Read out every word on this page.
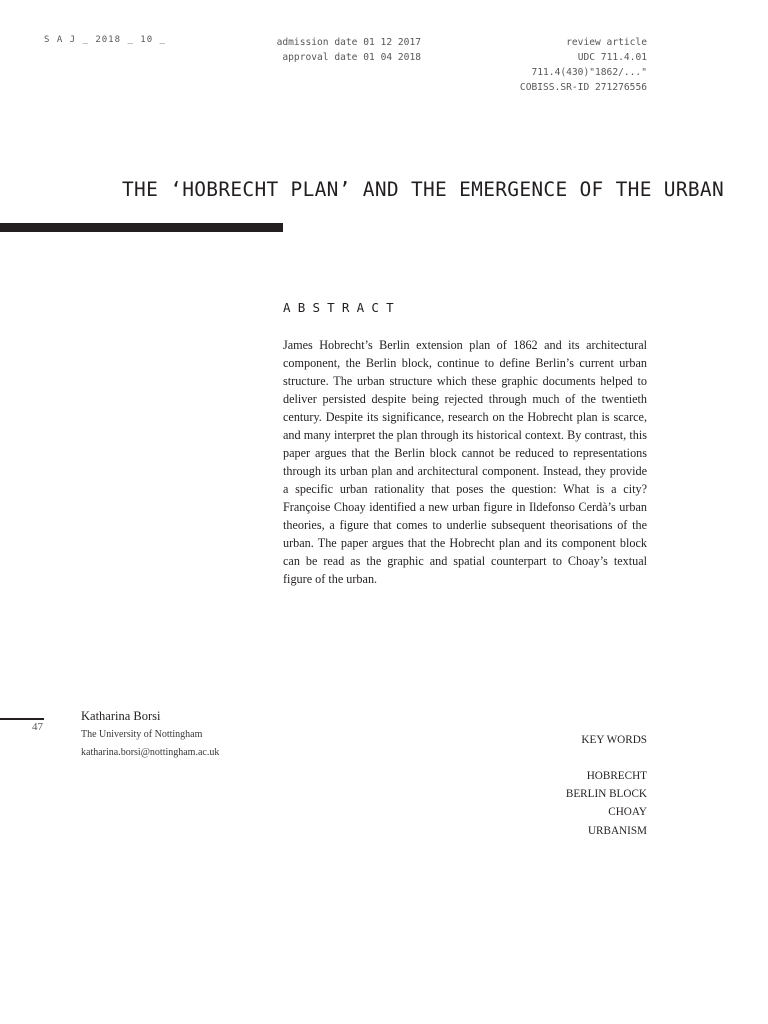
S A J _ 2018 _ 10 _	admission date 01 12 2017
approval date 01 04 2018
review article
UDC 711.4.01
711.4(430)"1862/..."
COBISS.SR-ID 271276556
THE ‘HOBRECHT PLAN’ AND THE EMERGENCE OF THE URBAN
ABSTRACT
James Hobrecht’s Berlin extension plan of 1862 and its architectural component, the Berlin block, continue to define Berlin’s current urban structure. The urban structure which these graphic documents helped to deliver persisted despite being rejected through much of the twentieth century. Despite its significance, research on the Hobrecht plan is scarce, and many interpret the plan through its historical context. By contrast, this paper argues that the Berlin block cannot be reduced to representations through its urban plan and architectural component. Instead, they provide a specific urban rationality that poses the question: What is a city? Françoise Choay identified a new urban figure in Ildefonso Cerdà’s urban theories, a figure that comes to underlie subsequent theorisations of the urban. The paper argues that the Hobrecht plan and its component block can be read as the graphic and spatial counterpart to Choay’s textual figure of the urban.
47
Katharina Borsi
The University of Nottingham
katharina.borsi@nottingham.ac.uk
KEY WORDS
HOBRECHT
BERLIN BLOCK
CHOAY
URBANISM
